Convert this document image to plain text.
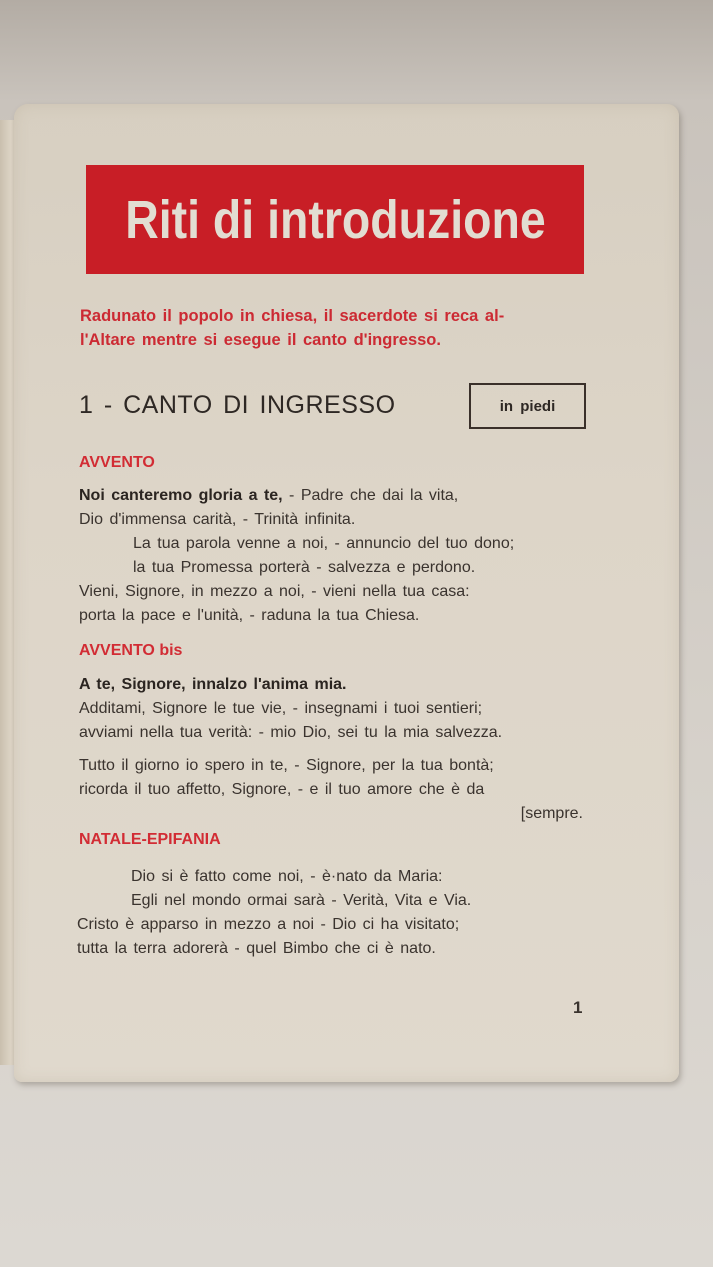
Riti di introduzione
Radunato il popolo in chiesa, il sacerdote si reca al-
l'Altare mentre si esegue il canto d'ingresso.
1 - CANTO DI INGRESSO	in piedi
AVVENTO
Noi canteremo gloria a te, - Padre che dai la vita,
Dio d'immensa carità, - Trinità infinita.
La tua parola venne a noi, - annuncio del tuo dono;
la tua Promessa porterà - salvezza e perdono.
Vieni, Signore, in mezzo a noi, - vieni nella tua casa:
porta la pace e l'unità, - raduna la tua Chiesa.
AVVENTO bis
A te, Signore, innalzo l'anima mia.
Additami, Signore le tue vie, - insegnami i tuoi sentieri;
avviami nella tua verità: - mio Dio, sei tu la mia salvezza.
Tutto il giorno io spero in te, - Signore, per la tua bontà;
ricorda il tuo affetto, Signore, - e il tuo amore che è da
[sempre.
NATALE-EPIFANIA
Dio si è fatto come noi, - è·nato da Maria:
Egli nel mondo ormai sarà - Verità, Vita e Via.
Cristo è apparso in mezzo a noi - Dio ci ha visitato;
tutta la terra adorerà - quel Bimbo che ci è nato.
1
